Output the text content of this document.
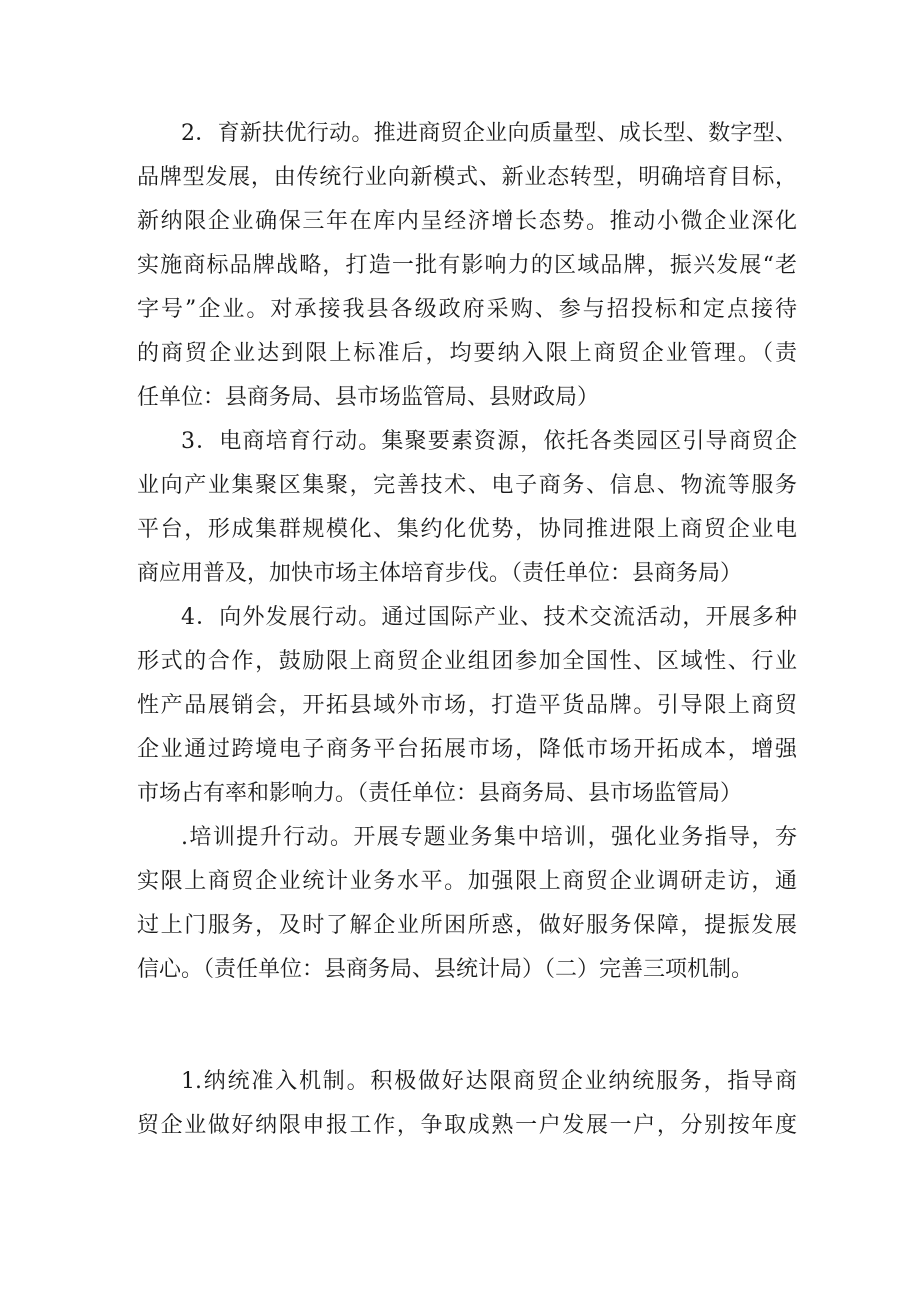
2．育新扶优行动。推进商贸企业向质量型、成长型、数字型、
品牌型发展，由传统行业向新模式、新业态转型，明确培育目标，
新纳限企业确保三年在库内呈经济增长态势。推动小微企业深化
实施商标品牌战略，打造一批有影响力的区域品牌，振兴发展“老
字号”企业。对承接我县各级政府采购、参与招投标和定点接待
的商贸企业达到限上标准后，均要纳入限上商贸企业管理。（责
任单位：县商务局、县市场监管局、县财政局）
3．电商培育行动。集聚要素资源，依托各类园区引导商贸企
业向产业集聚区集聚，完善技术、电子商务、信息、物流等服务
平台，形成集群规模化、集约化优势，协同推进限上商贸企业电
商应用普及，加快市场主体培育步伐。（责任单位：县商务局）
4．向外发展行动。通过国际产业、技术交流活动，开展多种
形式的合作，鼓励限上商贸企业组团参加全国性、区域性、行业
性产品展销会，开拓县域外市场，打造平货品牌。引导限上商贸
企业通过跨境电子商务平台拓展市场，降低市场开拓成本，增强
市场占有率和影响力。（责任单位：县商务局、县市场监管局）
.培训提升行动。开展专题业务集中培训，强化业务指导，夯
实限上商贸企业统计业务水平。加强限上商贸企业调研走访，通
过上门服务，及时了解企业所困所惑，做好服务保障，提振发展
信心。（责任单位：县商务局、县统计局）（二）完善三项机制。
1.纳统准入机制。积极做好达限商贸企业纳统服务，指导商
贸企业做好纳限申报工作，争取成熟一户发展一户，分别按年度
